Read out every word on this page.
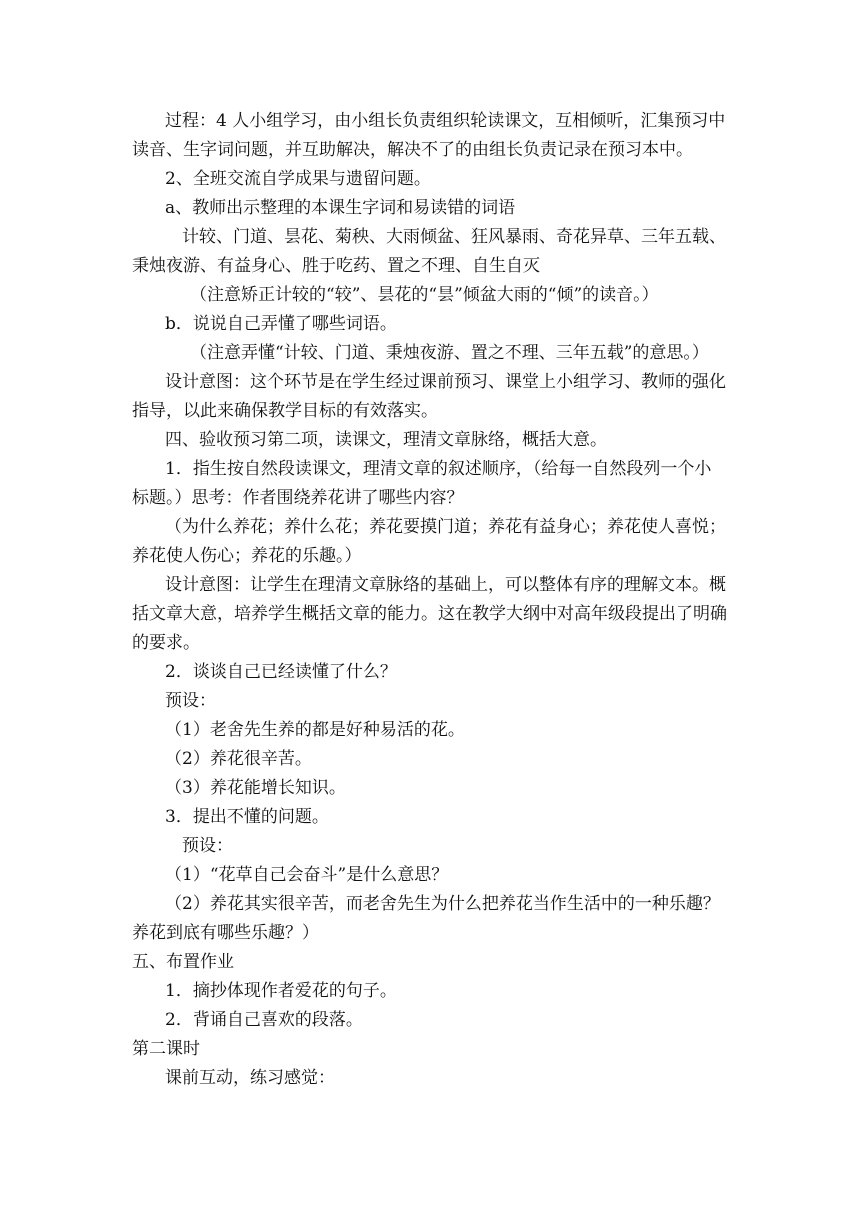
过程：4 人小组学习，由小组长负责组织轮读课文，互相倾听，汇集预习中
读音、生字词问题，并互助解决，解决不了的由组长负责记录在预习本中。
2、全班交流自学成果与遗留问题。
a、教师出示整理的本课生字词和易读错的词语
计较、门道、昙花、菊秧、大雨倾盆、狂风暴雨、奇花异草、三年五载、
秉烛夜游、有益身心、胜于吃药、置之不理、自生自灭
（注意矫正计较的“较”、昙花的“昙”倾盆大雨的“倾”的读音。）
b．说说自己弄懂了哪些词语。
（注意弄懂“计较、门道、秉烛夜游、置之不理、三年五载”的意思。）
设计意图：这个环节是在学生经过课前预习、课堂上小组学习、教师的强化
指导，以此来确保教学目标的有效落实。
四、验收预习第二项，读课文，理清文章脉络，概括大意。
1．指生按自然段读课文，理清文章的叙述顺序，（给每一自然段列一个小
标题。）思考：作者围绕养花讲了哪些内容？
（为什么养花；养什么花；养花要摸门道；养花有益身心；养花使人喜悦；
养花使人伤心；养花的乐趣。）
设计意图：让学生在理清文章脉络的基础上，可以整体有序的理解文本。概
括文章大意，培养学生概括文章的能力。这在教学大纲中对高年级段提出了明确
的要求。
2．谈谈自己已经读懂了什么？
预设：
（1）老舍先生养的都是好种易活的花。
（2）养花很辛苦。
（3）养花能增长知识。
3．提出不懂的问题。
预设：
（1）“花草自己会奋斗”是什么意思？
（2）养花其实很辛苦，而老舍先生为什么把养花当作生活中的一种乐趣？
养花到底有哪些乐趣？）
五、布置作业
1．摘抄体现作者爱花的句子。
2．背诵自己喜欢的段落。
第二课时
课前互动，练习感觉：
